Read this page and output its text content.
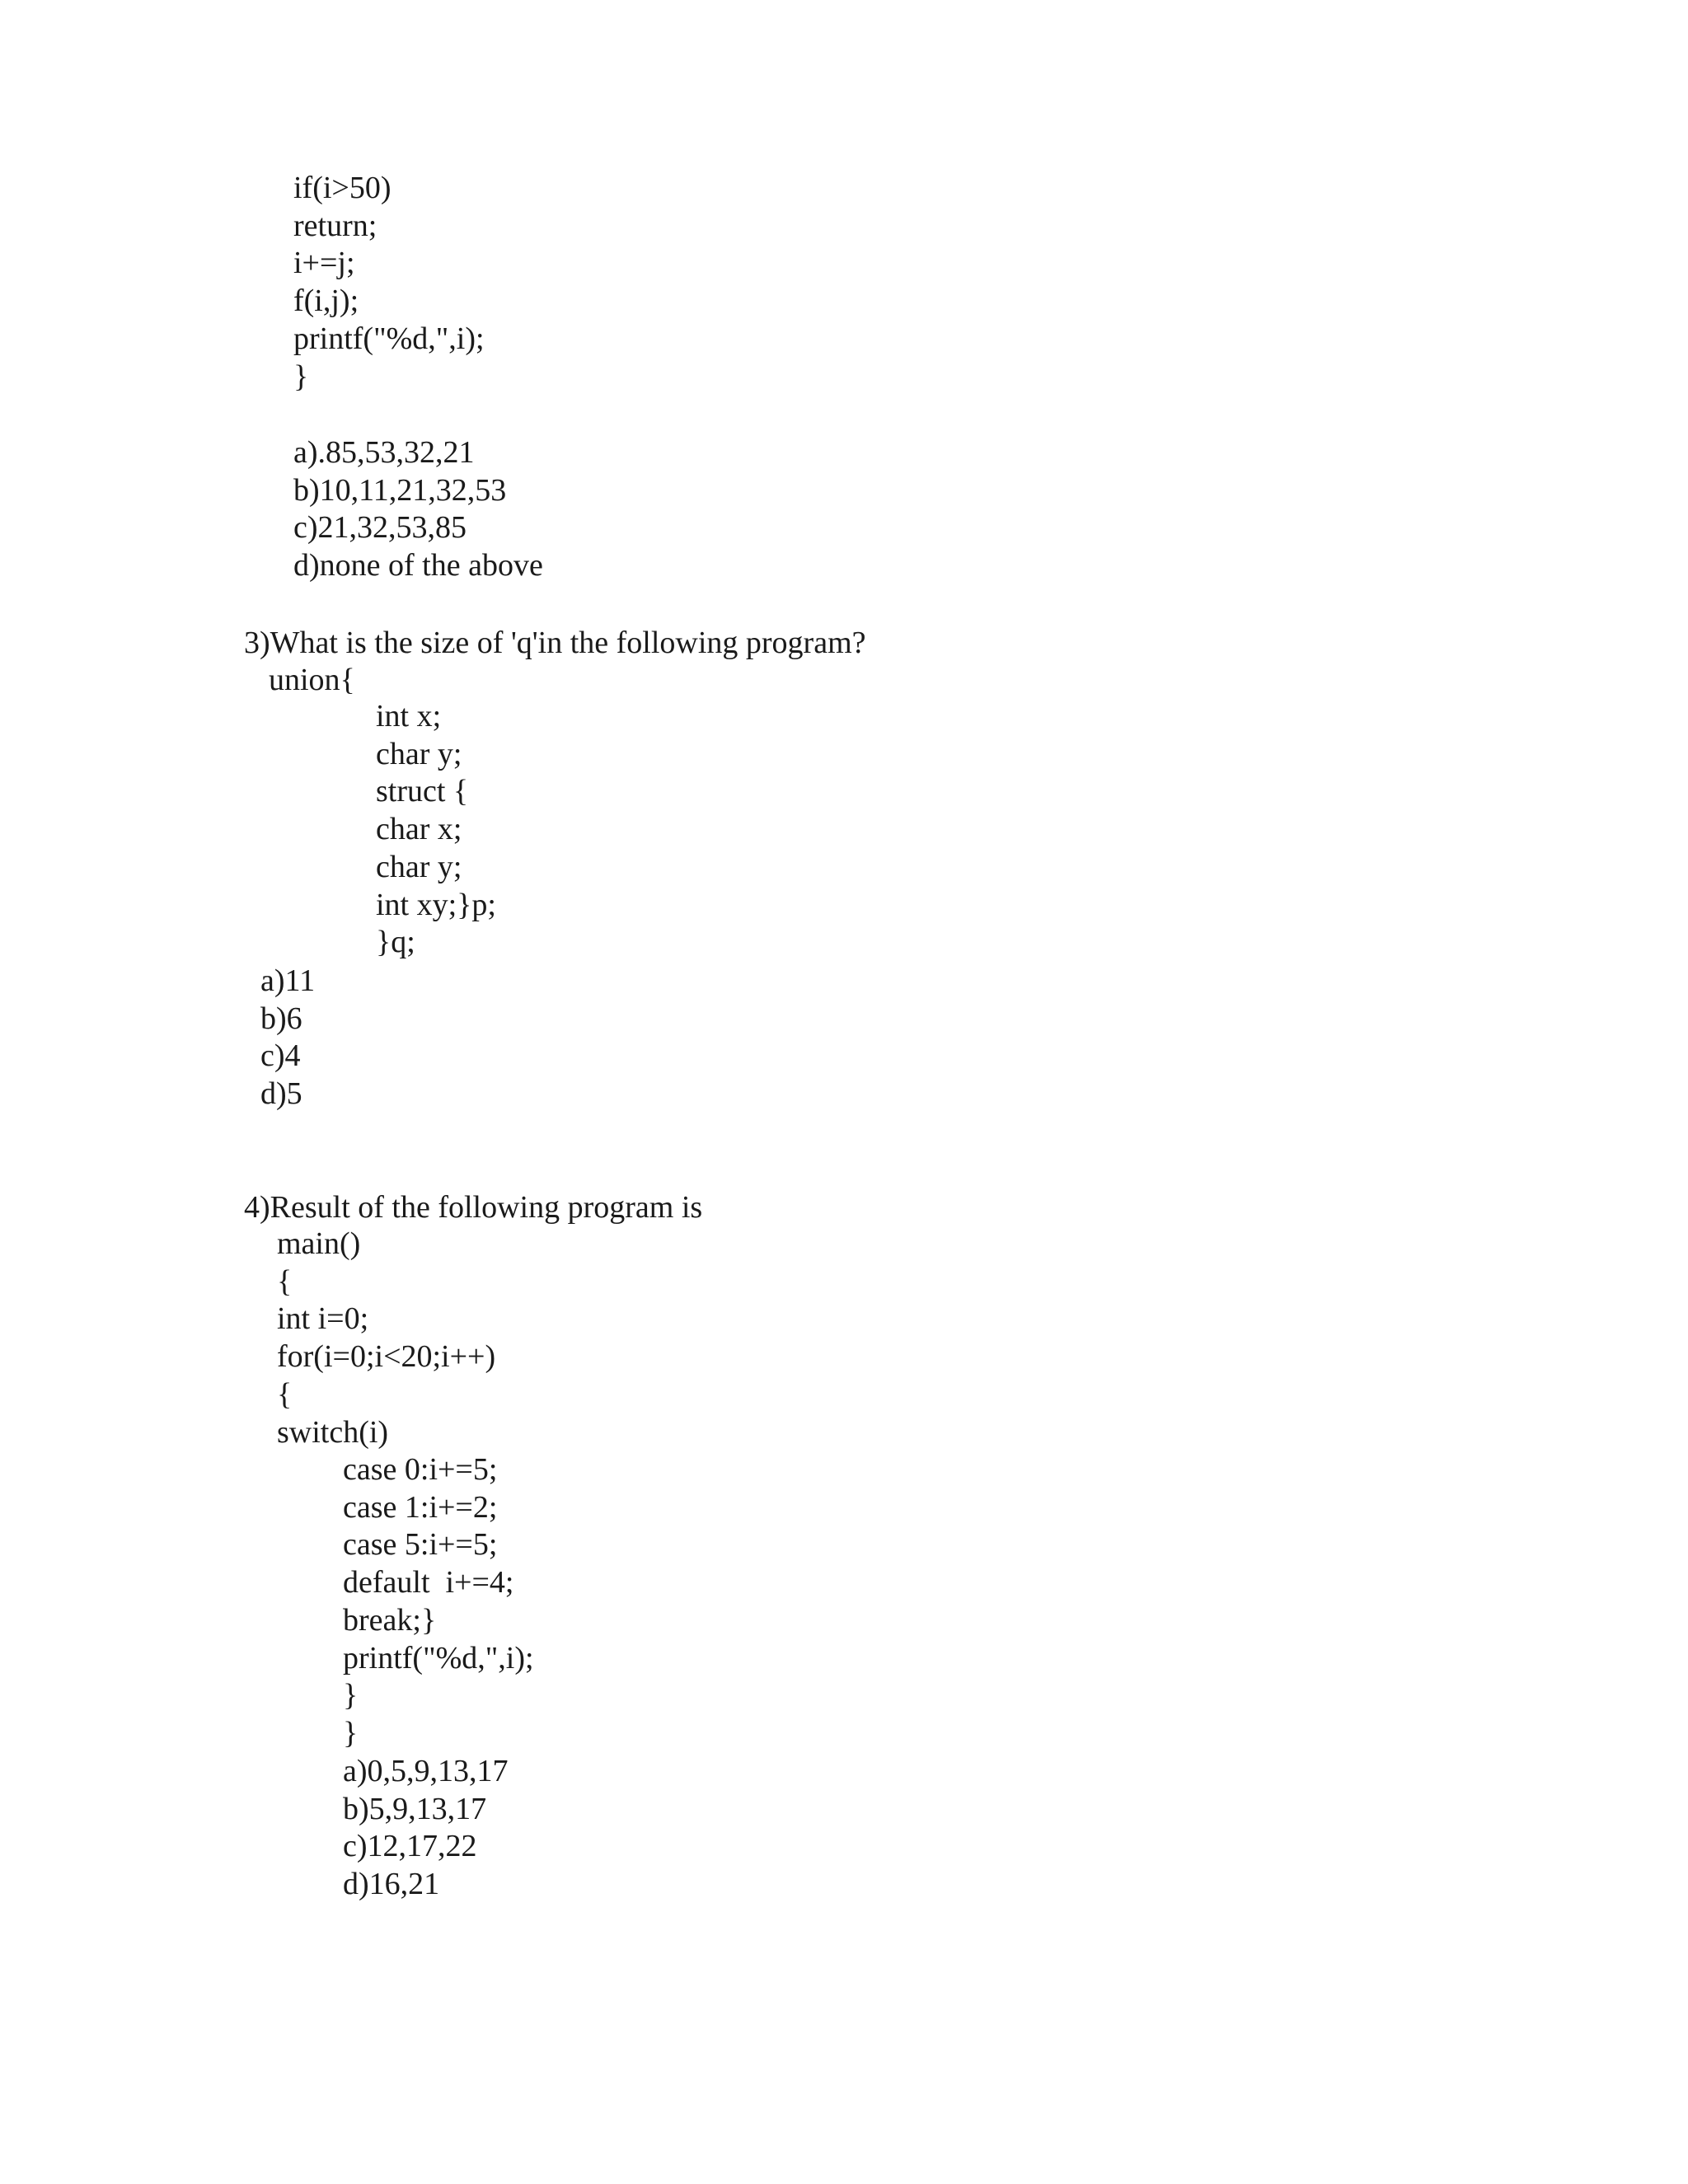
if(i>50)
return;
i+=j;
f(i,j);
printf("%d,",i);
}
a).85,53,32,21
b)10,11,21,32,53
c)21,32,53,85
d)none of the above
3)What is the size of 'q'in the following program?
union{
int x;
char y;
struct {
char x;
char y;
int xy;}p;
}q;
a)11
b)6
c)4
d)5
4)Result of the following program is
main()
{
int i=0;
for(i=0;i<20;i++)
{
switch(i)
case 0:i+=5;
case 1:i+=2;
case 5:i+=5;
default  i+=4;
break;}
printf("%d,",i);
}
}
a)0,5,9,13,17
b)5,9,13,17
c)12,17,22
d)16,21
